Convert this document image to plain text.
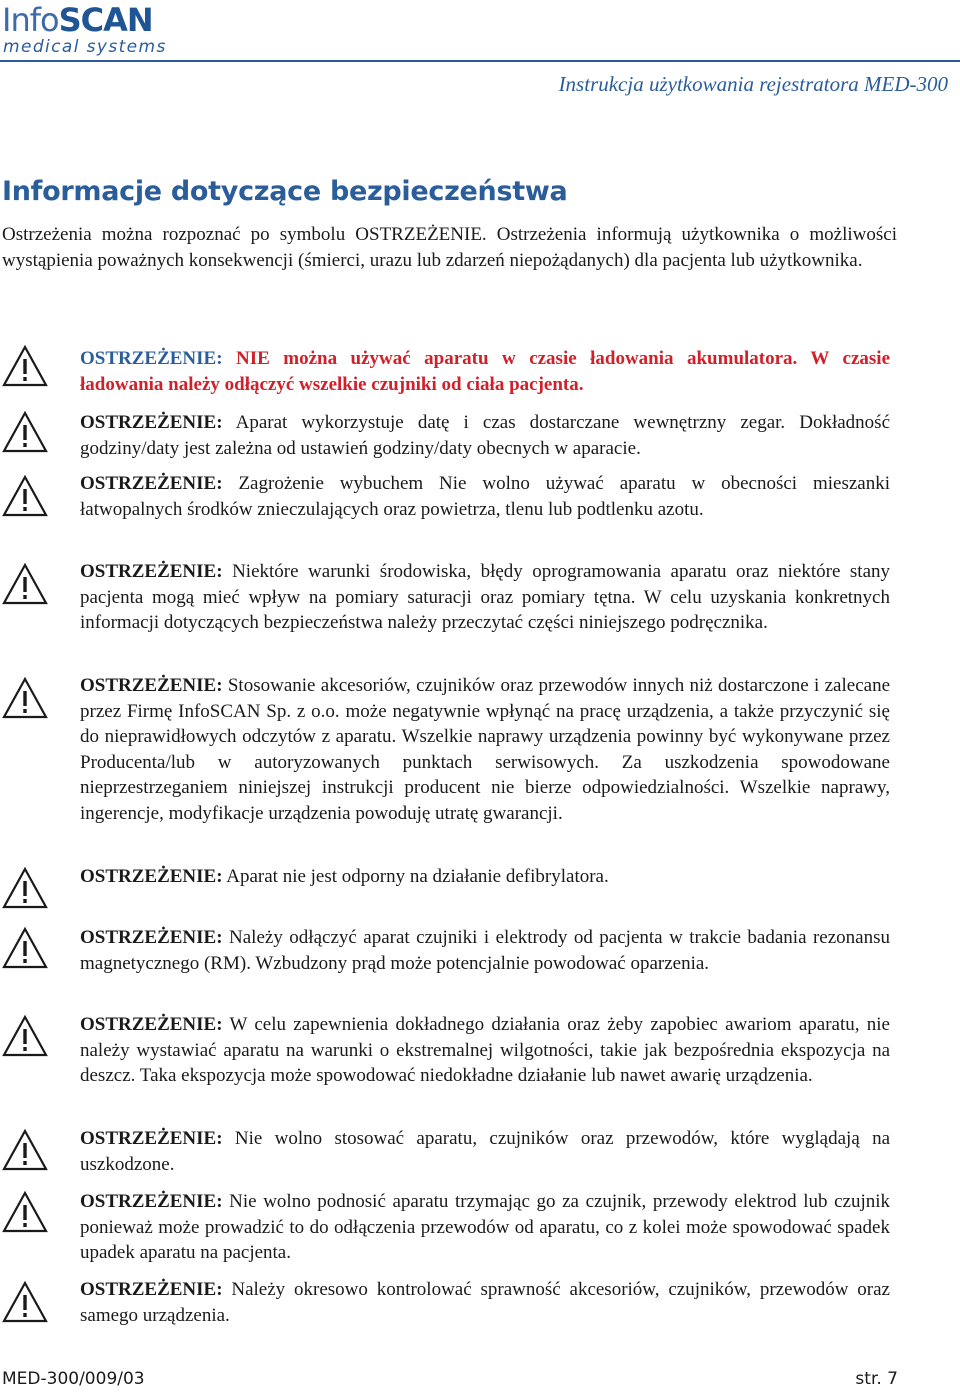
InfoSCAN
medical systems
Instrukcja użytkowania rejestratora MED-300
Informacje dotyczące bezpieczeństwa

Ostrzeżenia można rozpoznać po symbolu OSTRZEŻENIE. Ostrzeżenia informują użytkownika o możliwości wystąpienia poważnych konsekwencji (śmierci, urazu lub zdarzeń niepożądanych) dla pacjenta lub użytkownika.

OSTRZEŻENIE: NIE można używać aparatu w czasie ładowania akumulatora. W czasie ładowania należy odłączyć wszelkie czujniki od ciała pacjenta.

OSTRZEŻENIE: Aparat wykorzystuje datę i czas dostarczane wewnętrzny zegar. Dokładność godziny/daty jest zależna od ustawień godziny/daty obecnych w aparacie.

OSTRZEŻENIE: Zagrożenie wybuchem Nie wolno używać aparatu w obecności mieszanki łatwopalnych środków znieczulających oraz powietrza, tlenu lub podtlenku azotu.

OSTRZEŻENIE: Niektóre warunki środowiska, błędy oprogramowania aparatu oraz niektóre stany pacjenta mogą mieć wpływ na pomiary saturacji oraz pomiary tętna. W celu uzyskania konkretnych informacji dotyczących bezpieczeństwa należy przeczytać części niniejszego podręcznika.

OSTRZEŻENIE: Stosowanie akcesoriów, czujników oraz przewodów innych niż dostarczone i zalecane przez Firmę InfoSCAN Sp. z o.o. może negatywnie wpłynąć na pracę urządzenia, a także przyczynić się do nieprawidłowych odczytów z aparatu. Wszelkie naprawy urządzenia powinny być wykonywane przez Producenta/lub w autoryzowanych punktach serwisowych. Za uszkodzenia spowodowane nieprzestrzeganiem niniejszej instrukcji producent nie bierze odpowiedzialności. Wszelkie naprawy, ingerencje, modyfikacje urządzenia powoduję utratę gwarancji.

OSTRZEŻENIE: Aparat nie jest odporny na działanie defibrylatora.

OSTRZEŻENIE: Należy odłączyć aparat czujniki i elektrody od pacjenta w trakcie badania rezonansu magnetycznego (RM). Wzbudzony prąd może potencjalnie powodować oparzenia.

OSTRZEŻENIE: W celu zapewnienia dokładnego działania oraz żeby zapobiec awariom aparatu, nie należy wystawiać aparatu na warunki o ekstremalnej wilgotności, takie jak bezpośrednia ekspozycja na deszcz. Taka ekspozycja może spowodować niedokładne działanie lub nawet awarię urządzenia.

OSTRZEŻENIE: Nie wolno stosować aparatu, czujników oraz przewodów, które wyglądają na uszkodzone.

OSTRZEŻENIE: Nie wolno podnosić aparatu trzymając go za czujnik, przewody elektrod lub czujnik ponieważ może prowadzić to do odłączenia przewodów od aparatu, co z kolei może spowodować spadek upadek aparatu na pacjenta.

OSTRZEŻENIE: Należy okresowo kontrolować sprawność akcesoriów, czujników, przewodów oraz samego urządzenia.

MED-300/009/03	str. 7
